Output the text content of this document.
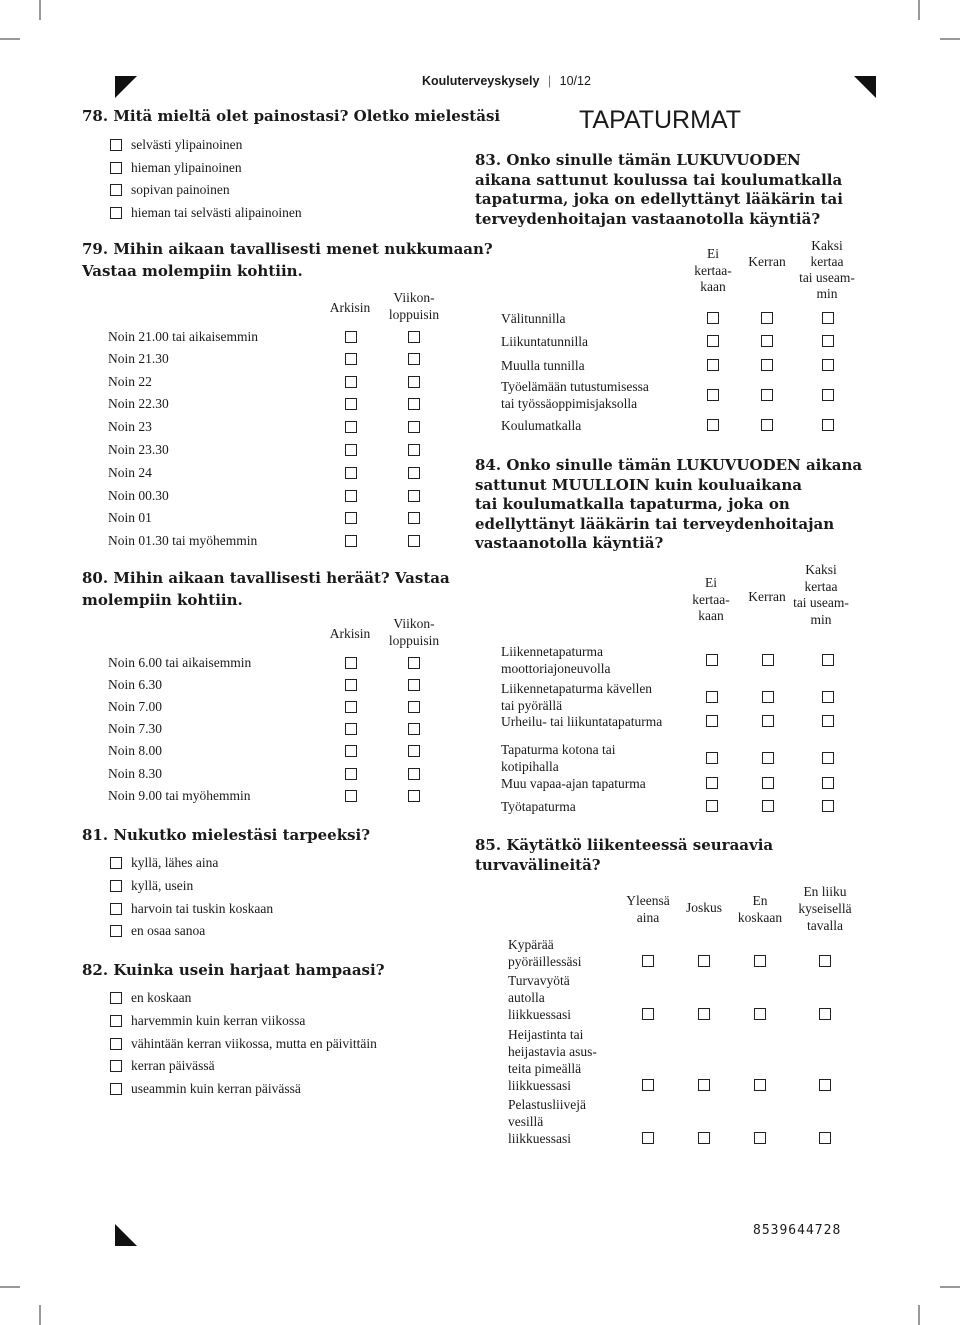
Kouluterveyskysely | 10/12
TAPATURMAT
8539644728
78. Mitä mieltä olet painostasi? Oletko mielestäsi
selvästi ylipainoinen
hieman ylipainoinen
sopivan painoinen
hieman tai selvästi alipainoinen
79. Mihin aikaan tavallisesti menet nukkumaan?
Vastaa molempiin kohtiin.
Arkisin
Viikon-
loppuisin
Noin 21.00 tai aikaisemmin
Noin 21.30
Noin 22
Noin 22.30
Noin 23
Noin 23.30
Noin 24
Noin 00.30
Noin 01
Noin 01.30 tai myöhemmin
80. Mihin aikaan tavallisesti heräät? Vastaa
molempiin kohtiin.
Arkisin
Viikon-
loppuisin
Noin 6.00 tai aikaisemmin
Noin 6.30
Noin 7.00
Noin 7.30
Noin 8.00
Noin 8.30
Noin 9.00 tai myöhemmin
81. Nukutko mielestäsi tarpeeksi?
kyllä, lähes aina
kyllä, usein
harvoin tai tuskin koskaan
en osaa sanoa
82. Kuinka usein harjaat hampaasi?
en koskaan
harvemmin kuin kerran viikossa
vähintään kerran viikossa, mutta en päivittäin
kerran päivässä
useammin kuin kerran päivässä
83. Onko sinulle tämän LUKUVUODEN
aikana sattunut koulussa tai koulumatkalla
tapaturma, joka on edellyttänyt lääkärin tai
terveydenhoitajan vastaanotolla käyntiä?
Ei
kertaa-
kaan
Kerran
Kaksi
kertaa
tai useam-
min
Välitunnilla
Liikuntatunnilla
Muulla tunnilla
Työelämään tutustumisessa
tai työssäoppimisjaksolla
Koulumatkalla
84. Onko sinulle tämän LUKUVUODEN aikana
sattunut MUULLOIN kuin kouluaikana
tai koulumatkalla tapaturma, joka on
edellyttänyt lääkärin tai terveydenhoitajan
vastaanotolla käyntiä?
Ei
kertaa-
kaan
Kerran
Kaksi
kertaa
tai useam-
min
Liikennetapaturma
moottoriajoneuvolla
Liikennetapaturma kävellen
tai pyörällä
Urheilu- tai liikuntatapaturma
Tapaturma kotona tai
kotipihalla
Muu vapaa-ajan tapaturma
Työtapaturma
85. Käytätkö liikenteessä seuraavia
turvavälineitä?
Yleensä
aina
Joskus	En
koskaan
En liiku
kyseisellä
tavalla
Kypärää
pyöräillessäsi
Turvavyötä
autolla
liikkuessasi
Heijastinta tai
heijastavia asus-
teita pimeällä
liikkuessasi
Pelastusliivejä
vesillä
liikkuessasi
